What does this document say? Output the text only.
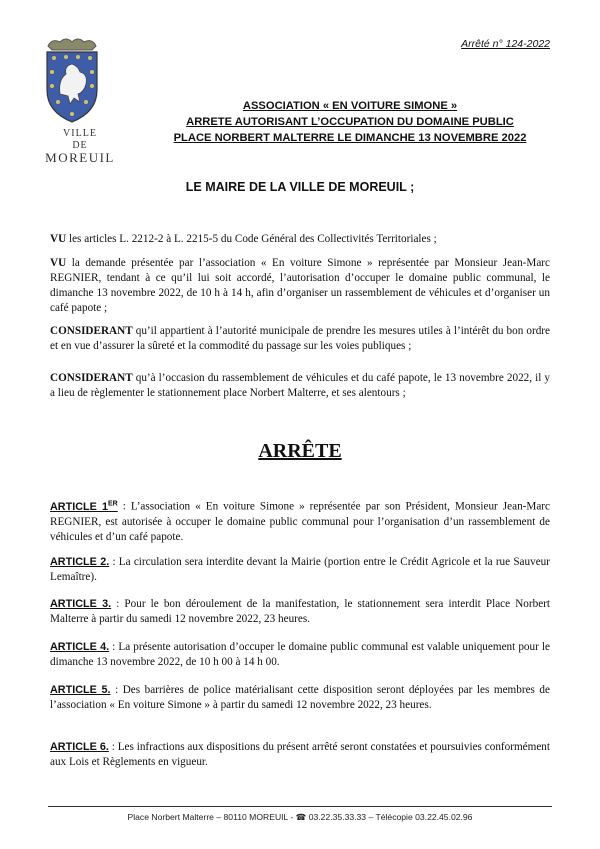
VILLE
DE
MOREUIL
Arrêté n° 124-2022
ASSOCIATION « EN VOITURE SIMONE »
ARRETE AUTORISANT L’OCCUPATION DU DOMAINE PUBLIC
PLACE NORBERT MALTERRE LE DIMANCHE 13 NOVEMBRE 2022
LE MAIRE DE LA VILLE DE MOREUIL ;
VU les articles L. 2212-2 à L. 2215-5 du Code Général des Collectivités Territoriales ;
VU la demande présentée par l’association « En voiture Simone » représentée par Monsieur Jean-Marc REGNIER, tendant à ce qu’il lui soit accordé, l’autorisation d’occuper le domaine public communal, le dimanche 13 novembre 2022, de 10 h à 14 h, afin d’organiser un rassemblement de véhicules et d’organiser un café papote ;
CONSIDERANT qu’il appartient à l’autorité municipale de prendre les mesures utiles à l’intérêt du bon ordre et en vue d’assurer la sûreté et la commodité du passage sur les voies publiques ;
CONSIDERANT qu’à l’occasion du rassemblement de véhicules et du café papote, le 13 novembre 2022, il y a lieu de règlementer le stationnement place Norbert Malterre, et ses alentours ;
ARRÊTE
ARTICLE 1ER : L’association « En voiture Simone » représentée par son Président, Monsieur Jean-Marc REGNIER, est autorisée à occuper le domaine public communal pour l’organisation d’un rassemblement de véhicules et d’un café papote.
ARTICLE 2. : La circulation sera interdite devant la Mairie (portion entre le Crédit Agricole et la rue Sauveur Lemaître).
ARTICLE 3. : Pour le bon déroulement de la manifestation, le stationnement sera interdit Place Norbert Malterre à partir du samedi 12 novembre 2022, 23 heures.
ARTICLE 4. : La présente autorisation d’occuper le domaine public communal est valable uniquement pour le dimanche 13 novembre 2022, de 10 h 00 à 14 h 00.
ARTICLE 5. : Des barrières de police matérialisant cette disposition seront déployées par les membres de l’association « En voiture Simone » à partir du samedi 12 novembre 2022, 23 heures.
ARTICLE 6. : Les infractions aux dispositions du présent arrêté seront constatées et poursuivies conformément aux Lois et Règlements en vigueur.
Place Norbert Malterre – 80110 MOREUIL - ☎ 03.22.35.33.33 – Télécopie 03.22.45.02.96
